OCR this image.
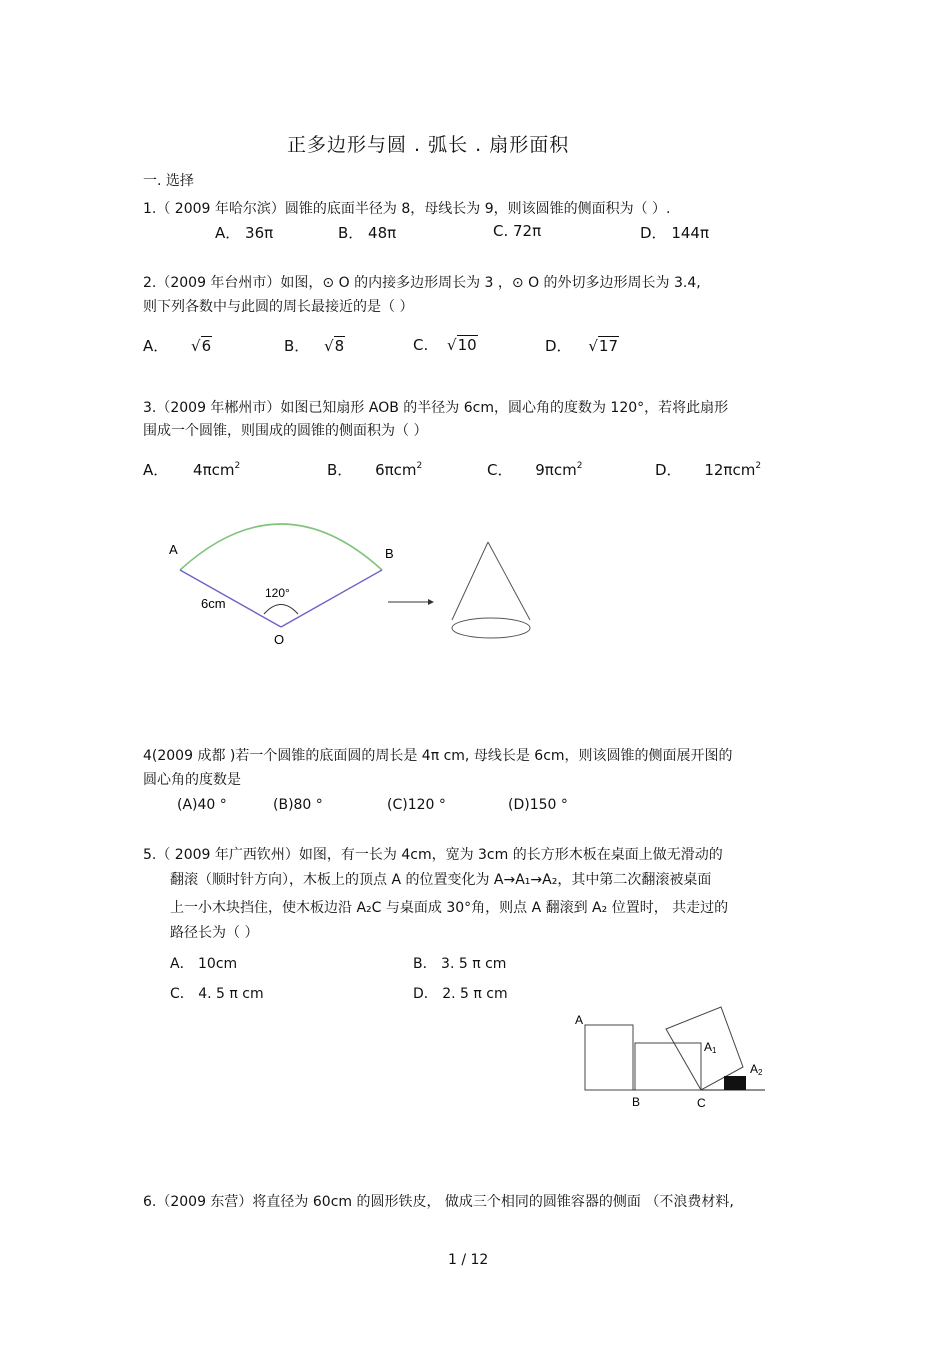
正多边形与圆 . 弧长 . 扇形面积
一. 选择
1.（ 2009 年哈尔滨）圆锥的底面半径为 8，母线长为 9，则该圆锥的侧面积为（ ）.
A． 36π	B． 48π	C. 72π	D． 144π
2.（2009 年台州市）如图，⊙ O 的内接多边形周长为 3 ，⊙ O 的外切多边形周长为 3.4,
则下列各数中与此圆的周长最接近的是（ ）
A． √6	B． √8	C. √10	D． √17
3.（2009 年郴州市）如图已知扇形 AOB 的半径为 6cm，圆心角的度数为 120°，若将此扇形
围成一个圆锥，则围成的圆锥的侧面积为（ ）
A． 4πcm$^2$	B． 6πcm$^2$	C． 9πcm$^2$	D． 12πcm$^2$
A	B
O
6cm
120°
4(2009 成都 )若一个圆锥的底面圆的周长是 4π cm, 母线长是 6cm，则该圆锥的侧面展开图的
圆心角的度数是
(A)40 °	(B)80 °	(C)120 °	(D)150 °
5.（ 2009 年广西钦州）如图，有一长为 4cm，宽为 3cm 的长方形木板在桌面上做无滑动的
翻滚（顺时针方向），木板上的顶点 A 的位置变化为 A→A₁→A₂，其中第二次翻滚被桌面
上一小木块挡住，使木板边沿 A₂C 与桌面成 30°角，则点 A 翻滚到 A₂ 位置时， 共走过的
路径长为（ ）
A． 10cm	B． 3. 5 π cm
C． 4. 5 π cm	D． 2. 5 π cm
A
A1
A2
B	C
6.（2009 东营）将直径为 60cm 的圆形铁皮， 做成三个相同的圆锥容器的侧面 （不浪费材料,
1 / 12
